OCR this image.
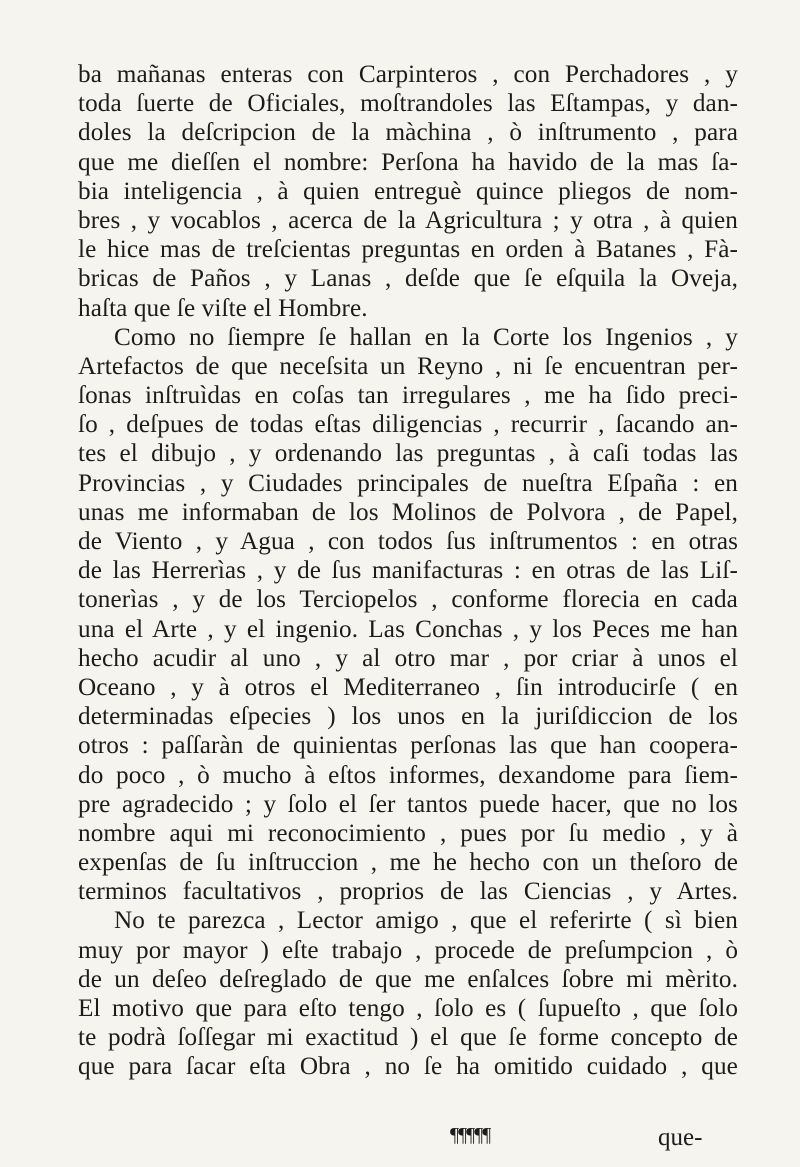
ba mañanas enteras con Carpinteros , con Perchadores , y
toda ſuerte de Oficiales, moſtrandoles las Eſtampas, y dan-
doles la deſcripcion de la màchina , ò inſtrumento , para
que me dieſſen el nombre: Perſona ha havido de la mas ſa-
bia inteligencia , à quien entreguè quince pliegos de nom-
bres , y vocablos , acerca de la Agricultura ; y otra , à quien
le hice mas de treſcientas preguntas en orden à Batanes , Fà-
bricas de Paños , y Lanas , deſde que ſe eſquila la Oveja,
haſta que ſe viſte el Hombre.
Como no ſiempre ſe hallan en la Corte los Ingenios , y
Artefactos de que neceſsita un Reyno , ni ſe encuentran per-
ſonas inſtruìdas en coſas tan irregulares , me ha ſido preci-
ſo , deſpues de todas eſtas diligencias , recurrir , ſacando an-
tes el dibujo , y ordenando las preguntas , à caſi todas las
Provincias , y Ciudades principales de nueſtra Eſpaña : en
unas me informaban de los Molinos de Polvora , de Papel,
de Viento , y Agua , con todos ſus inſtrumentos : en otras
de las Herrerìas , y de ſus manifacturas : en otras de las Liſ-
tonerìas , y de los Terciopelos , conforme florecia en cada
una el Arte , y el ingenio. Las Conchas , y los Peces me han
hecho acudir al uno , y al otro mar , por criar à unos el
Oceano , y à otros el Mediterraneo , ſin introducirſe ( en
determinadas eſpecies ) los unos en la juriſdiccion de los
otros : paſſaràn de quinientas perſonas las que han coopera-
do poco , ò mucho à eſtos informes, dexandome para ſiem-
pre agradecido ; y ſolo el ſer tantos puede hacer, que no los
nombre aqui mi reconocimiento , pues por ſu medio , y à
expenſas de ſu inſtruccion , me he hecho con un theſoro de
terminos facultativos , proprios de las Ciencias , y Artes.
No te parezca , Lector amigo , que el referirte ( sì bien
muy por mayor ) eſte trabajo , procede de preſumpcion , ò
de un deſeo deſreglado de que me enſalces ſobre mi mèrito.
El motivo que para eſto tengo , ſolo es ( ſupueſto , que ſolo
te podrà ſoſſegar mi exactitud ) el que ſe forme concepto de
que para ſacar eſta Obra , no ſe ha omitido cuidado , que
¶¶¶¶¶	que-
